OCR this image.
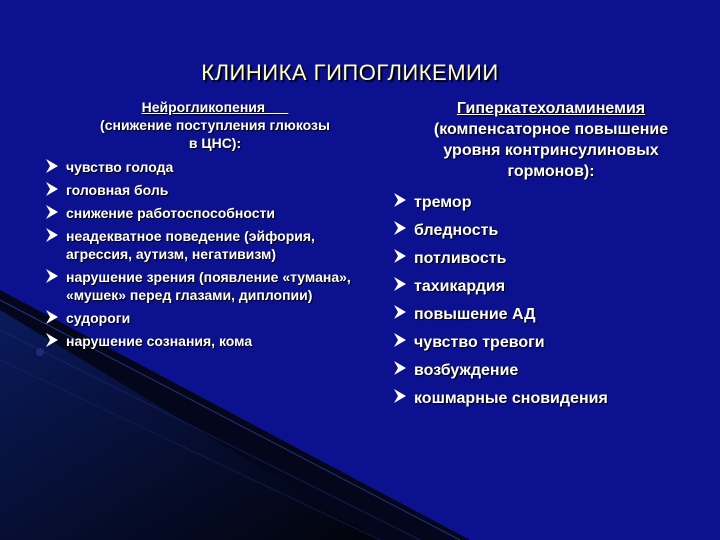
КЛИНИКА ГИПОГЛИКЕМИИ
Нейрогликопения
(снижение поступления глюкозы
в ЦНС):
чувство голода
головная боль
снижение работоспособности
неадекватное поведение (эйфория, агрессия, аутизм, негативизм)
нарушение зрения (появление «тумана», «мушек» перед глазами, диплопии)
судороги
нарушение сознания, кома
Гиперкатехоламинемия
(компенсаторное повышение
уровня контринсулиновых
гормонов):
тремор
бледность
потливость
тахикардия
повышение АД
чувство тревоги
возбуждение
кошмарные сновидения
